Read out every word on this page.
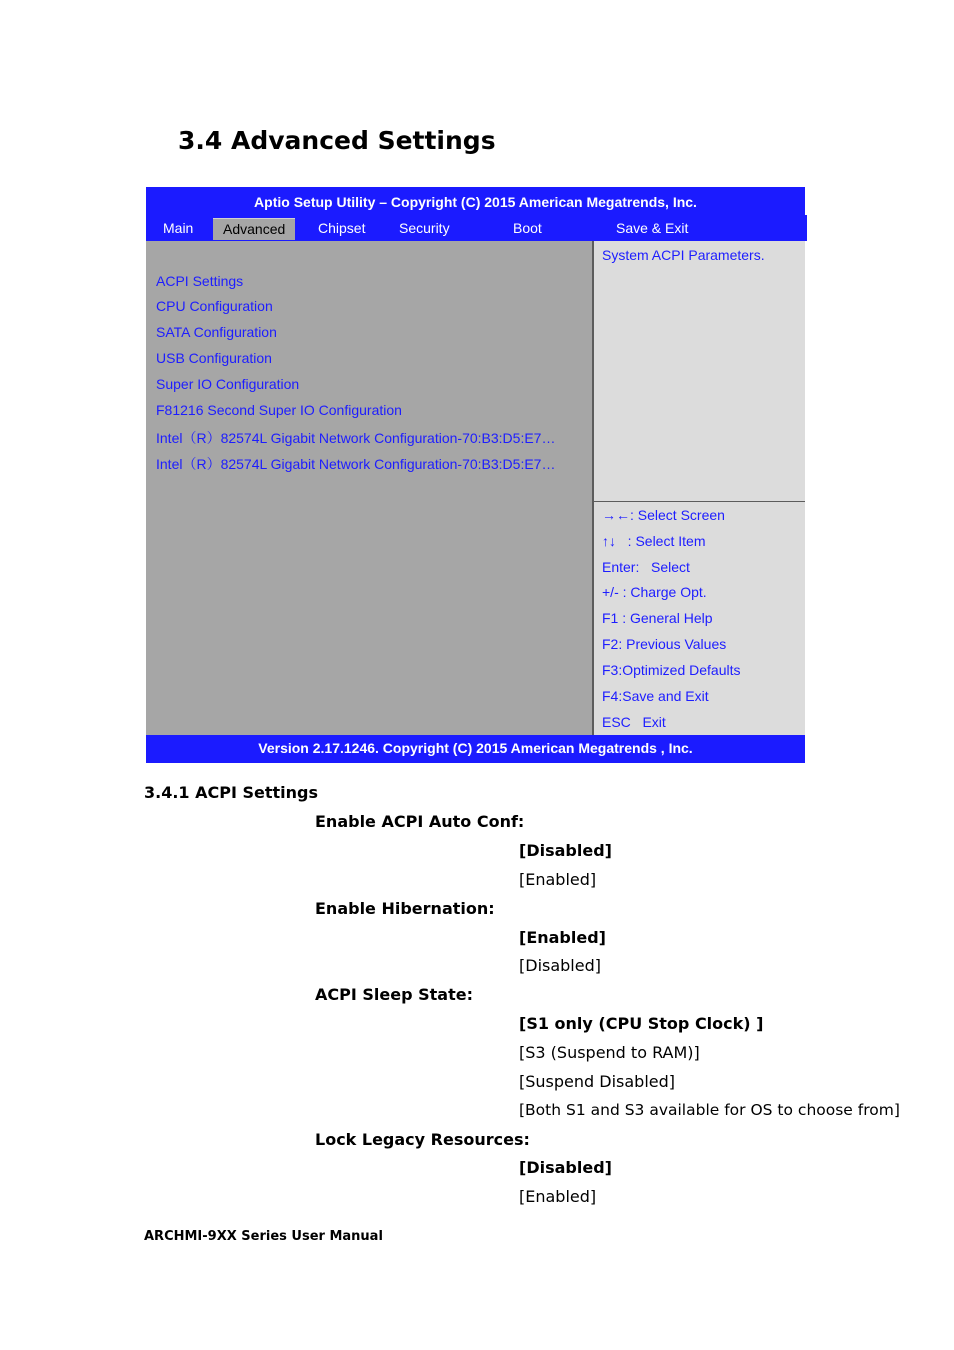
3.4 Advanced Settings
Aptio Setup Utility – Copyright (C) 2015 American Megatrends, Inc.
Main	Advanced	Chipset Security	Boot	Save & Exit
ACPI Settings
CPU Configuration
SATA Configuration
USB Configuration
Super IO Configuration
F81216 Second Super IO Configuration
Intel（R）82574L Gigabit Network Configuration-70:B3:D5:E7…
Intel（R）82574L Gigabit Network Configuration-70:B3:D5:E7…
System ACPI Parameters.
→←: Select Screen
↑↓   : Select Item
Enter:   Select
+/- : Charge Opt.
F1 : General Help
F2: Previous Values
F3:Optimized Defaults
F4:Save and Exit
ESC   Exit
Version 2.17.1246. Copyright (C) 2015 American Megatrends , Inc.
3.4.1 ACPI Settings
Enable ACPI Auto Conf:
[Disabled]
[Enabled]
Enable Hibernation:
[Enabled]
[Disabled]
ACPI Sleep State:
[S1 only (CPU Stop Clock) ]
[S3 (Suspend to RAM)]
[Suspend Disabled]
[Both S1 and S3 available for OS to choose from]
Lock Legacy Resources:
[Disabled]
[Enabled]
ARCHMI-9XX Series User Manual
